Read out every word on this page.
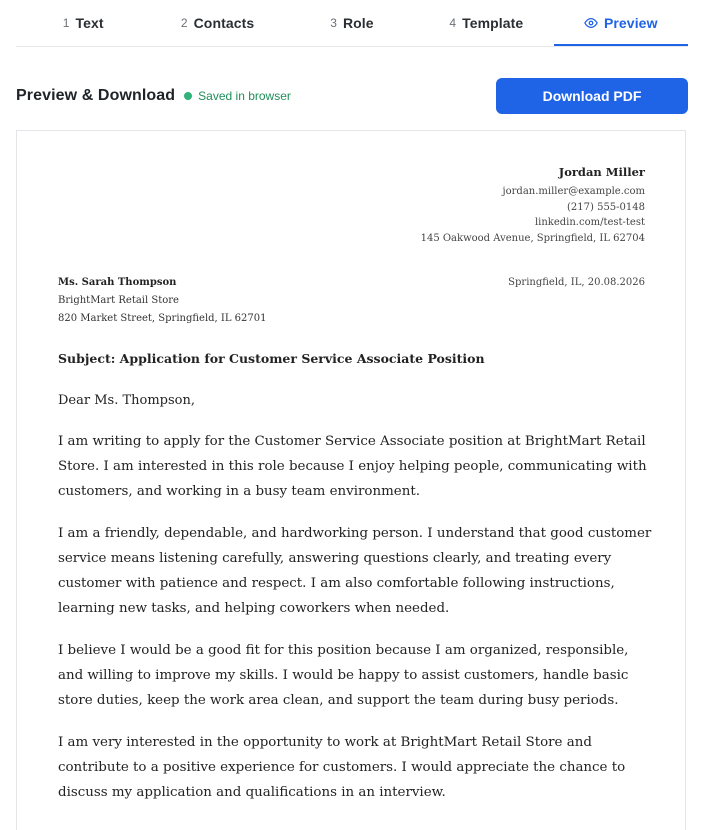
1 Text	2 Contacts	3 Role	4 Template	Preview
Preview & Download Saved in browser	Download PDF
Jordan Miller
jordan.miller@example.com
(217) 555-0148
linkedin.com/test-test
145 Oakwood Avenue, Springfield, IL 62704
Ms. Sarah Thompson
BrightMart Retail Store
820 Market Street, Springfield, IL 62701
Springfield, IL, 20.08.2026
Subject: Application for Customer Service Associate Position
Dear Ms. Thompson,

I am writing to apply for the Customer Service Associate position at BrightMart Retail Store. I am interested in this role because I enjoy helping people, communicating with customers, and working in a busy team environment.

I am a friendly, dependable, and hardworking person. I understand that good customer service means listening carefully, answering questions clearly, and treating every customer with patience and respect. I am also comfortable following instructions, learning new tasks, and helping coworkers when needed.

I believe I would be a good fit for this position because I am organized, responsible, and willing to improve my skills. I would be happy to assist customers, handle basic store duties, keep the work area clean, and support the team during busy periods.

I am very interested in the opportunity to work at BrightMart Retail Store and contribute to a positive experience for customers. I would appreciate the chance to discuss my application and qualifications in an interview.
